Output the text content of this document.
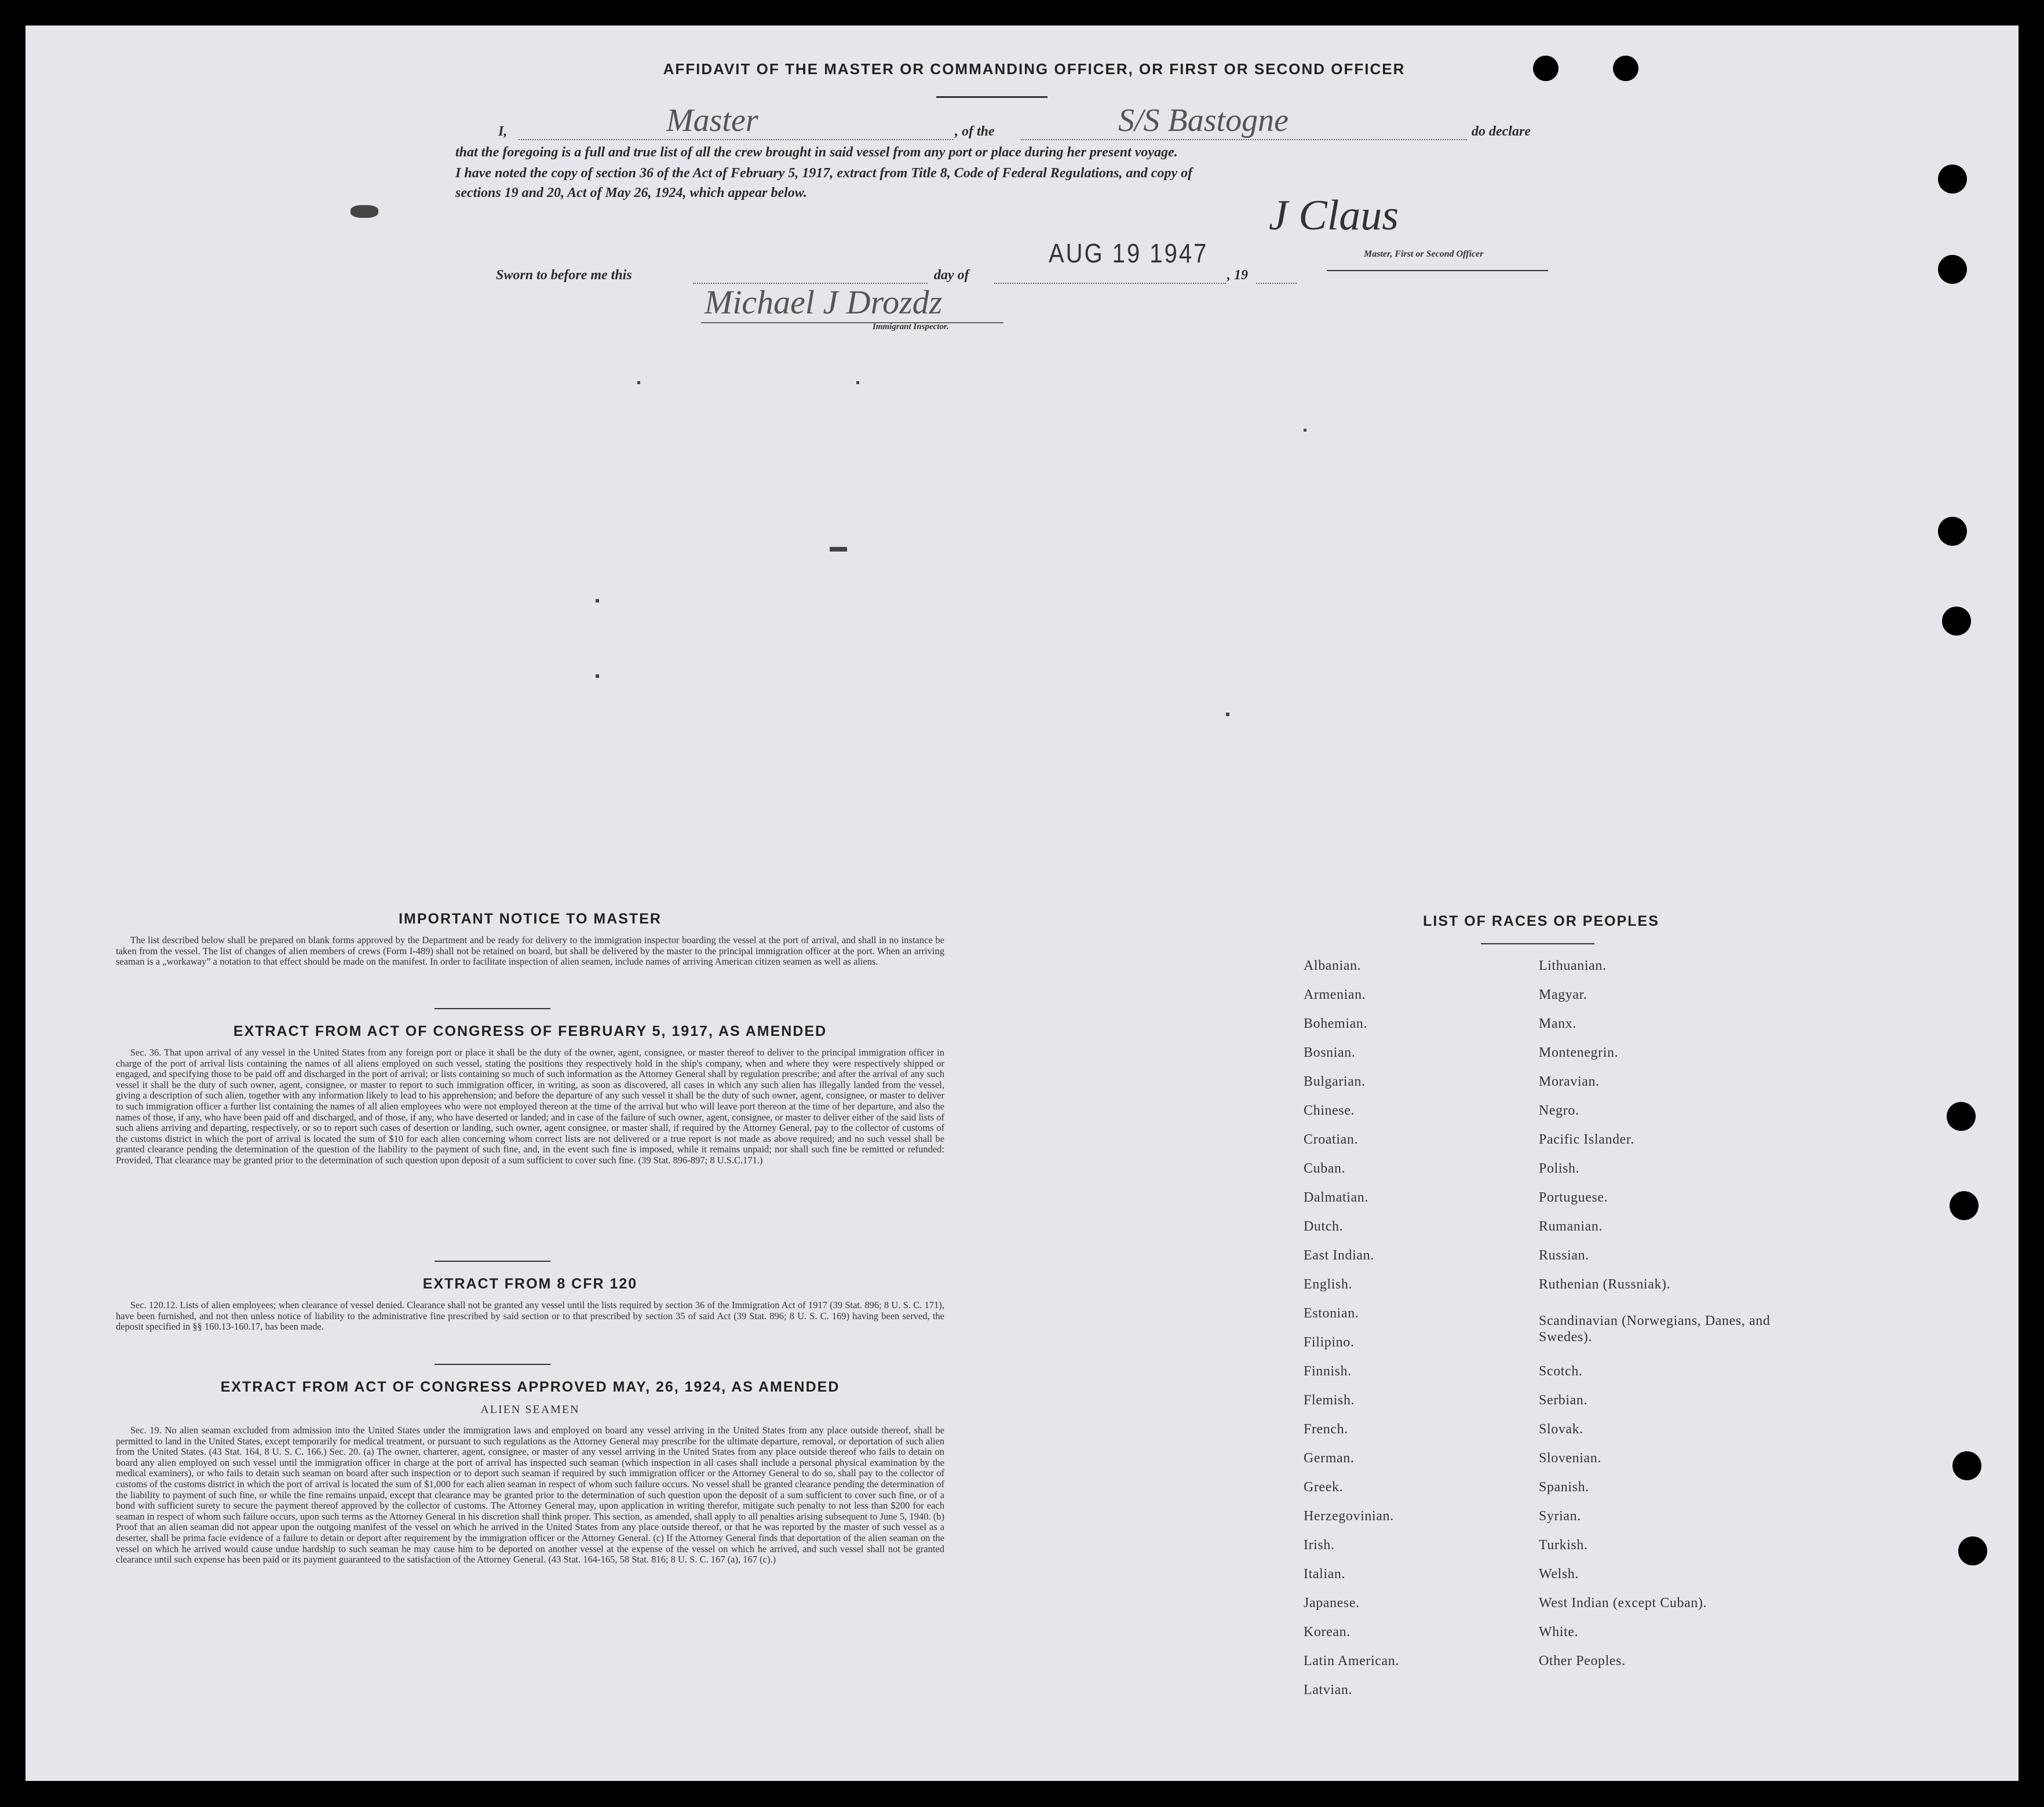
AFFIDAVIT OF THE MASTER OR COMMANDING OFFICER, OR FIRST OR SECOND OFFICER
I,	Master	, of the	S/S Bastogne	do declare
that the foregoing is a full and true list of all the crew brought in said vessel from any port or place during her present voyage.
I have noted the copy of section 36 of the Act of February 5, 1917, extract from Title 8, Code of Federal Regulations, and copy of
sections 19 and 20, Act of May 26, 1924, which appear below.	J Claus
Master, First or Second Officer
Sworn to before me this	day of
AUG 19 1947
, 19
Michael J Drozdz
Immigrant Inspector.
IMPORTANT NOTICE TO MASTER
The list described below shall be prepared on blank forms approved by the Department and be ready for delivery to the immigration inspector boarding the vessel at the port of arrival, and shall in no instance be taken from the vessel. The list of changes of alien members of crews (Form I-489) shall not be retained on board, but shall be delivered by the master to the principal immigration officer at the port. When an arriving seaman is a „workaway” a notation to that effect should be made on the manifest. In order to facilitate inspection of alien seamen, include names of arriving American citizen seamen as well as aliens.
EXTRACT FROM ACT OF CONGRESS OF FEBRUARY 5, 1917, AS AMENDED
Sec. 36. That upon arrival of any vessel in the United States from any foreign port or place it shall be the duty of the owner, agent, consignee, or master thereof to deliver to the principal immigration officer in charge of the port of arrival lists containing the names of all aliens employed on such vessel, stating the positions they respectively hold in the ship's company, when and where they were respectively shipped or engaged, and specifying those to be paid off and discharged in the port of arrival; or lists containing so much of such information as the Attorney General shall by regulation prescribe; and after the arrival of any such vessel it shall be the duty of such owner, agent, consignee, or master to report to such immigration officer, in writing, as soon as discovered, all cases in which any such alien has illegally landed from the vessel, giving a description of such alien, together with any information likely to lead to his apprehension; and before the departure of any such vessel it shall be the duty of such owner, agent, consignee, or master to deliver to such immigration officer a further list containing the names of all alien employees who were not employed thereon at the time of the arrival but who will leave port thereon at the time of her departure, and also the names of those, if any, who have been paid off and discharged, and of those, if any, who have deserted or landed; and in case of the failure of such owner, agent, consignee, or master to deliver either of the said lists of such aliens arriving and departing, respectively, or so to report such cases of desertion or landing, such owner, agent consignee, or master shall, if required by the Attorney General, pay to the collector of customs of the customs district in which the port of arrival is located the sum of $10 for each alien concerning whom correct lists are not delivered or a true report is not made as above required; and no such vessel shall be granted clearance pending the determination of the question of the liability to the payment of such fine, and, in the event such fine is imposed, while it remains unpaid; nor shall such fine be remitted or refunded: Provided, That clearance may be granted prior to the determination of such question upon deposit of a sum sufficient to cover such fine. (39 Stat. 896-897; 8 U.S.C.171.)
EXTRACT FROM 8 CFR 120
Sec. 120.12. Lists of alien employees; when clearance of vessel denied. Clearance shall not be granted any vessel until the lists required by section 36 of the Immigration Act of 1917 (39 Stat. 896; 8 U. S. C. 171), have been furnished, and not then unless notice of liability to the administrative fine prescribed by said section or to that prescribed by section 35 of said Act (39 Stat. 896; 8 U. S. C. 169) having been served, the deposit specified in §§ 160.13-160.17, has been made.
EXTRACT FROM ACT OF CONGRESS APPROVED MAY, 26, 1924, AS AMENDED
ALIEN SEAMEN
Sec. 19. No alien seaman excluded from admission into the United States under the immigration laws and employed on board any vessel arriving in the United States from any place outside thereof, shall be permitted to land in the United States, except temporarily for medical treatment, or pursuant to such regulations as the Attorney General may prescribe for the ultimate departure, removal, or deportation of such alien from the United States. (43 Stat. 164, 8 U. S. C. 166.) Sec. 20. (a) The owner, charterer, agent, consignee, or master of any vessel arriving in the United States from any place outside thereof who fails to detain on board any alien employed on such vessel until the immigration officer in charge at the port of arrival has inspected such seaman (which inspection in all cases shall include a personal physical examination by the medical examiners), or who fails to detain such seaman on board after such inspection or to deport such seaman if required by such immigration officer or the Attorney General to do so, shall pay to the collector of customs of the customs district in which the port of arrival is located the sum of $1,000 for each alien seaman in respect of whom such failure occurs. No vessel shall be granted clearance pending the determination of the liability to payment of such fine, or while the fine remains unpaid, except that clearance may be granted prior to the determination of such question upon the deposit of a sum sufficient to cover such fine, or of a bond with sufficient surety to secure the payment thereof approved by the collector of customs. The Attorney General may, upon application in writing therefor, mitigate such penalty to not less than $200 for each seaman in respect of whom such failure occurs, upon such terms as the Attorney General in his discretion shall think proper. This section, as amended, shall apply to all penalties arising subsequent to June 5, 1940. (b) Proof that an alien seaman did not appear upon the outgoing manifest of the vessel on which he arrived in the United States from any place outside thereof, or that he was reported by the master of such vessel as a deserter, shall be prima facie evidence of a failure to detain or deport after requirement by the immigration officer or the Attorney General. (c) If the Attorney General finds that deportation of the alien seaman on the vessel on which he arrived would cause undue hardship to such seaman he may cause him to be deported on another vessel at the expense of the vessel on which he arrived, and such vessel shall not be granted clearance until such expense has been paid or its payment guaranteed to the satisfaction of the Attorney General. (43 Stat. 164-165, 58 Stat. 816; 8 U. S. C. 167 (a), 167 (c).)
LIST OF RACES OR PEOPLES
Albanian.
Armenian.
Bohemian.
Bosnian.
Bulgarian.
Chinese.
Croatian.
Cuban.
Dalmatian.
Dutch.
East Indian.
English.
Estonian.
Filipino.
Finnish.
Flemish.
French.
German.
Greek.
Herzegovinian.
Irish.
Italian.
Japanese.
Korean.
Latin American.
Latvian.
Lithuanian.
Magyar.
Manx.
Montenegrin.
Moravian.
Negro.
Pacific Islander.
Polish.
Portuguese.
Rumanian.
Russian.
Ruthenian (Russniak).
Scandinavian (Norwegians, Danes, and Swedes).
Scotch.
Serbian.
Slovak.
Slovenian.
Spanish.
Syrian.
Turkish.
Welsh.
West Indian (except Cuban).
White.
Other Peoples.
